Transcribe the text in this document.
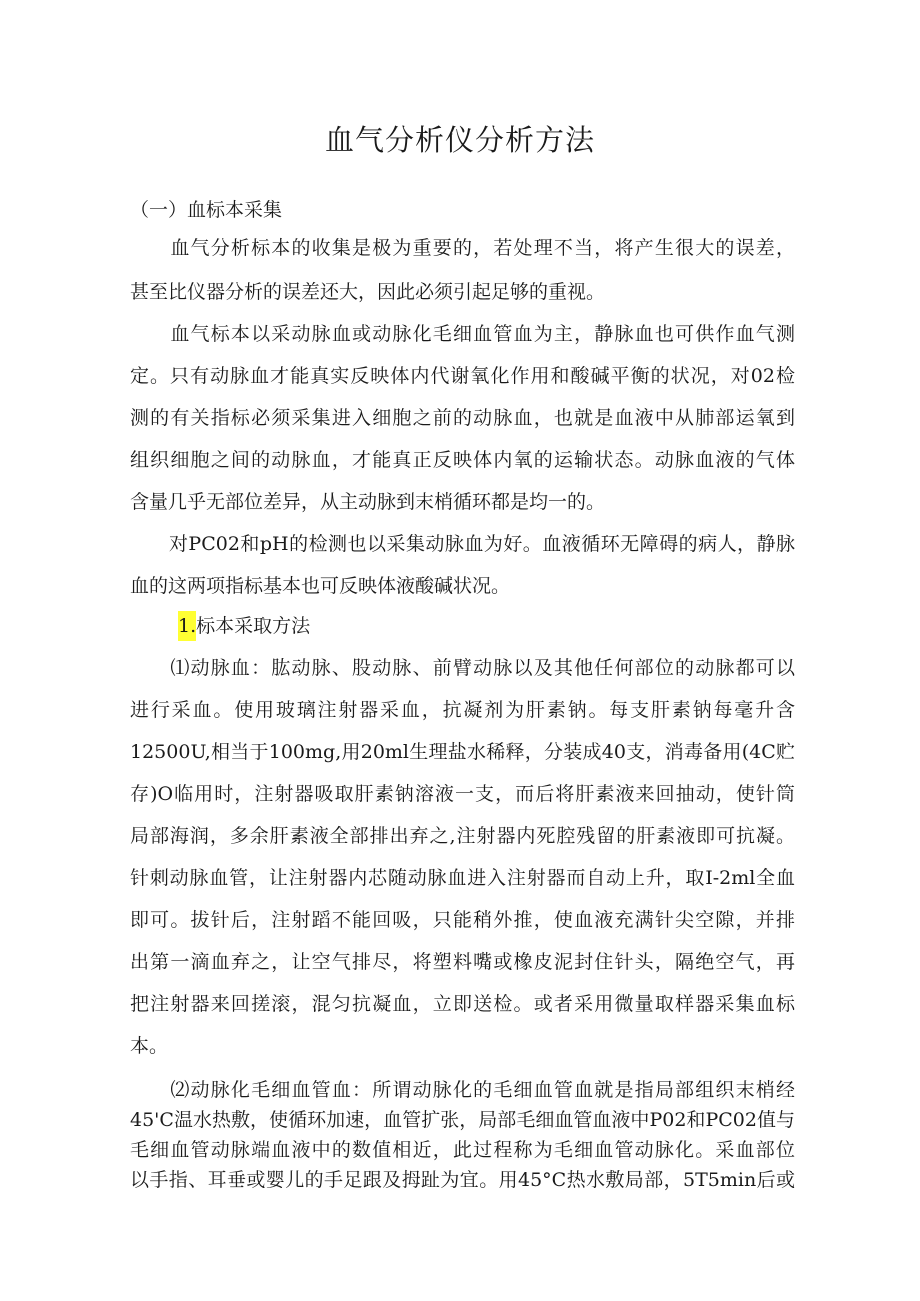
血气分析仪分析方法
（一）血标本采集
　　血气分析标本的收集是极为重要的，若处理不当，将产生很大的误差，
甚至比仪器分析的误差还大，因此必须引起足够的重视。
　　血气标本以采动脉血或动脉化毛细血管血为主，静脉血也可供作血气测
定。只有动脉血才能真实反映体内代谢氧化作用和酸碱平衡的状况，对02检
测的有关指标必须采集进入细胞之前的动脉血，也就是血液中从肺部运氧到
组织细胞之间的动脉血，才能真正反映体内氧的运输状态。动脉血液的气体
含量几乎无部位差异，从主动脉到末梢循环都是均一的。
　　对PC02和pH的检测也以采集动脉血为好。血液循环无障碍的病人，静脉
血的这两项指标基本也可反映体液酸碱状况。
1.标本采取方法
　　⑴动脉血：肱动脉、股动脉、前臂动脉以及其他任何部位的动脉都可以
进行采血。使用玻璃注射器采血，抗凝剂为肝素钠。每支肝素钠每毫升含
12500U,相当于100mg,用20ml生理盐水稀释，分装成40支，消毒备用(4C贮
存)O临用时，注射器吸取肝素钠溶液一支，而后将肝素液来回抽动，使针筒
局部海润，多余肝素液全部排出弃之,注射器内死腔残留的肝素液即可抗凝。
针刺动脉血管，让注射器内芯随动脉血进入注射器而自动上升，取I-2ml全血
即可。拔针后，注射蹈不能回吸，只能稍外推，使血液充满针尖空隙，并排
出第一滴血弃之，让空气排尽，将塑料嘴或橡皮泥封住针头，隔绝空气，再
把注射器来回搓滚，混匀抗凝血，立即送检。或者采用微量取样器采集血标
本。
　　⑵动脉化毛细血管血：所谓动脉化的毛细血管血就是指局部组织末梢经
45'C温水热敷，使循环加速，血管扩张，局部毛细血管血液中P02和PC02值与
毛细血管动脉端血液中的数值相近，此过程称为毛细血管动脉化。采血部位
以手指、耳垂或婴儿的手足跟及拇趾为宜。用45°C热水敷局部，5T5min后或
